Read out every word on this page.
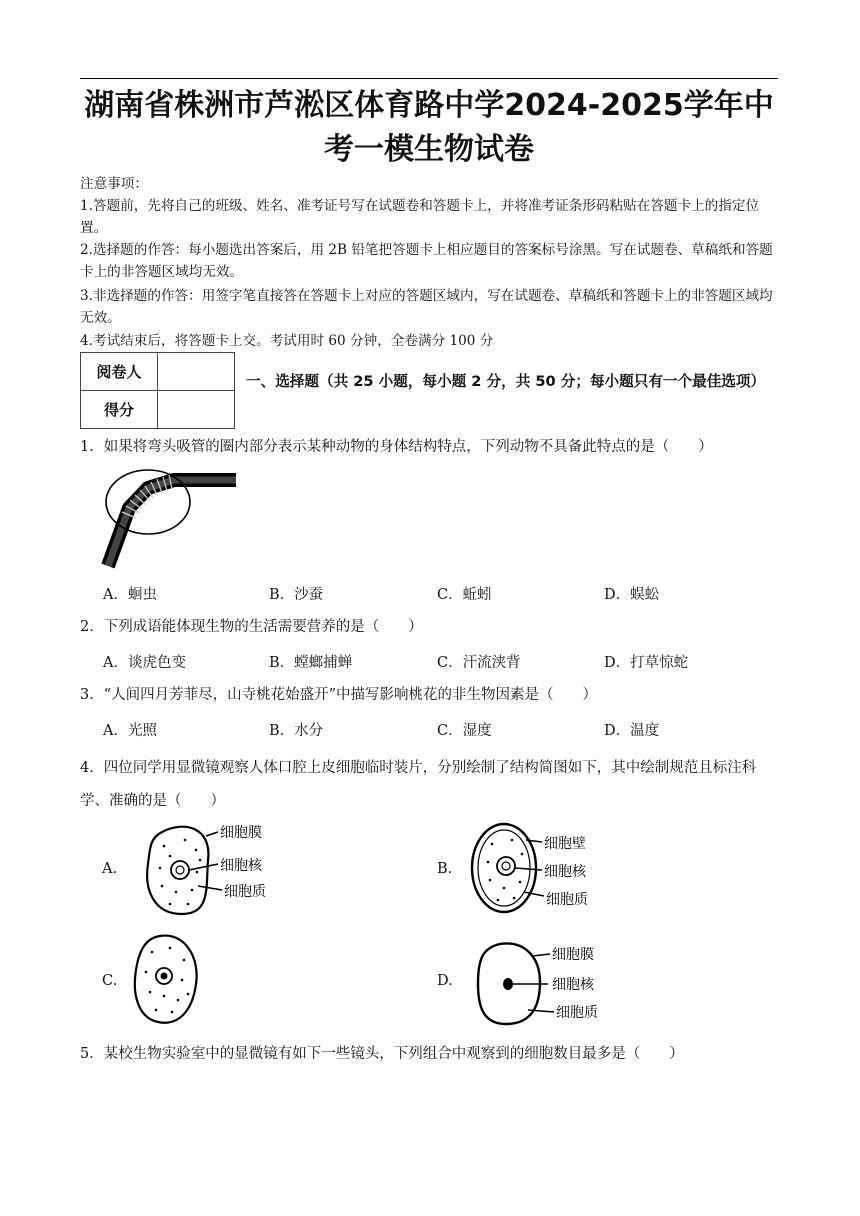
湖南省株洲市芦淞区体育路中学2024-2025学年中
考一模生物试卷
注意事项：
1.答题前，先将自己的班级、姓名、准考证号写在试题卷和答题卡上，并将准考证条形码粘贴在答题卡上的指定位置。
2.选择题的作答：每小题选出答案后，用 2B 铅笔把答题卡上相应题目的答案标号涂黑。写在试题卷、草稿纸和答题卡上的非答题区域均无效。
3.非选择题的作答：用签字笔直接答在答题卡上对应的答题区域内，写在试题卷、草稿纸和答题卡上的非答题区域均无效。
4.考试结束后，将答题卡上交。考试用时 60 分钟，全卷满分 100 分
阅卷人	
得分	
一、选择题（共 25 小题，每小题 2 分，共 50 分；每小题只有一个最佳选项）
1．如果将弯头吸管的圈内部分表示某种动物的身体结构特点，下列动物不具备此特点的是（　　）
A．蛔虫	B．沙蚕	C．蚯蚓	D．蜈蚣
2．下列成语能体现生物的生活需要营养的是（　　）
A．谈虎色变	B．螳螂捕蝉	C．汗流浃背	D．打草惊蛇
3．“人间四月芳菲尽，山寺桃花始盛开”中描写影响桃花的非生物因素是（　　）
A．光照	B．水分	C．湿度	D．温度
4．四位同学用显微镜观察人体口腔上皮细胞临时装片，分别绘制了结构简图如下，其中绘制规范且标注科学、准确的是（　　）
A.
细胞膜
细胞核
细胞质
B.
细胞壁
细胞核
细胞质
C.	D.
细胞膜
细胞核
细胞质
5．某校生物实验室中的显微镜有如下一些镜头，下列组合中观察到的细胞数目最多是（　　）
